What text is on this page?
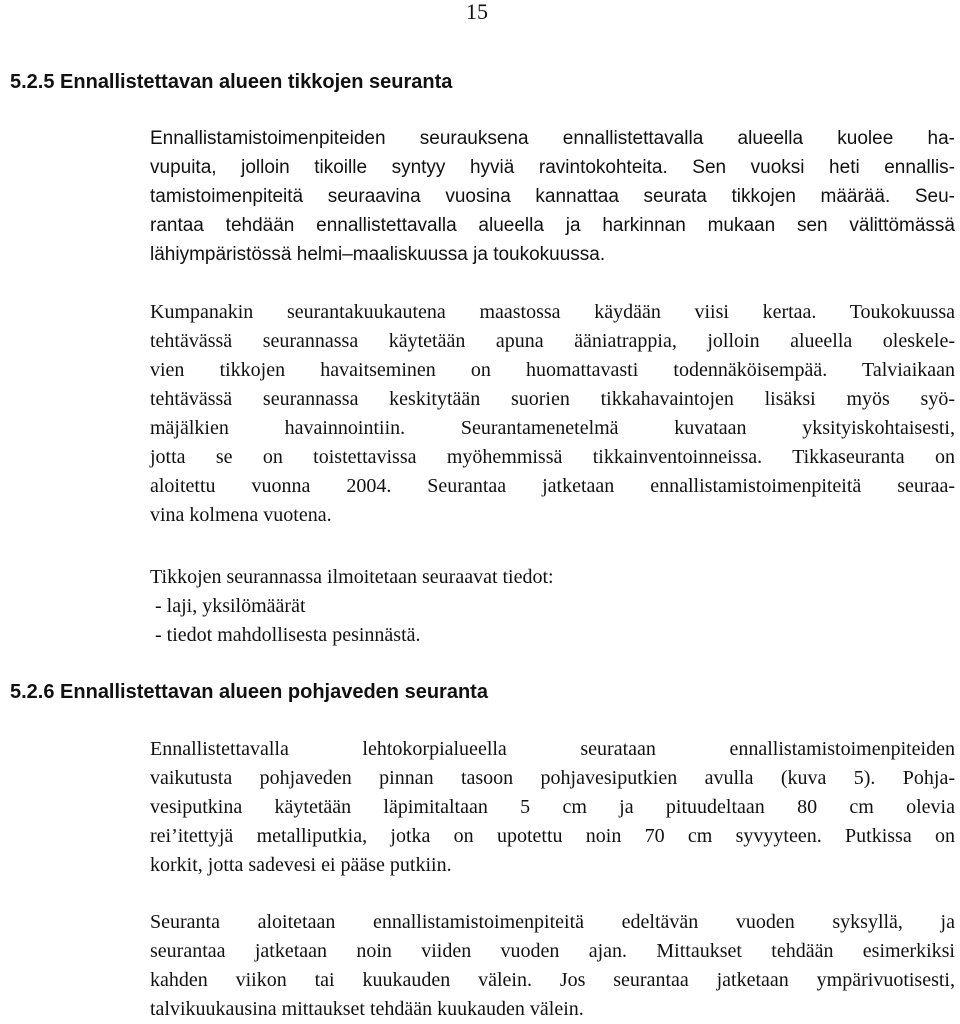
15
5.2.5 Ennallistettavan alueen tikkojen seuranta
Ennallistamistoimenpiteiden seurauksena ennallistettavalla alueella kuolee ha-
vupuita, jolloin tikoille syntyy hyviä ravintokohteita. Sen vuoksi heti ennallis-
tamistoimenpiteitä seuraavina vuosina kannattaa seurata tikkojen määrää. Seu-
rantaa tehdään ennallistettavalla alueella ja harkinnan mukaan sen välittömässä
lähiympäristössä helmi–maaliskuussa ja toukokuussa.
Kumpanakin seurantakuukautena maastossa käydään viisi kertaa. Toukokuussa
tehtävässä seurannassa käytetään apuna ääniatrappia, jolloin alueella oleskele-
vien tikkojen havaitseminen on huomattavasti todennäköisempää. Talviaikaan
tehtävässä seurannassa keskitytään suorien tikkahavaintojen lisäksi myös syö-
mäjälkien havainnointiin. Seurantamenetelmä kuvataan yksityiskohtaisesti,
jotta se on toistettavissa myöhemmissä tikkainventoinneissa. Tikkaseuranta on
aloitettu vuonna 2004. Seurantaa jatketaan ennallistamistoimenpiteitä seuraa-
vina kolmena vuotena.
Tikkojen seurannassa ilmoitetaan seuraavat tiedot:
- laji, yksilömäärät
- tiedot mahdollisesta pesinnästä.
5.2.6 Ennallistettavan alueen pohjaveden seuranta
Ennallistettavalla lehtokorpialueella seurataan ennallistamistoimenpiteiden
vaikutusta pohjaveden pinnan tasoon pohjavesiputkien avulla (kuva 5). Pohja-
vesiputkina käytetään läpimitaltaan 5 cm ja pituudeltaan 80 cm olevia
rei’itettyjä metalliputkia, jotka on upotettu noin 70 cm syvyyteen. Putkissa on
korkit, jotta sadevesi ei pääse putkiin.
Seuranta aloitetaan ennallistamistoimenpiteitä edeltävän vuoden syksyllä, ja
seurantaa jatketaan noin viiden vuoden ajan. Mittaukset tehdään esimerkiksi
kahden viikon tai kuukauden välein. Jos seurantaa jatketaan ympärivuotisesti,
talvikuukausina mittaukset tehdään kuukauden välein.
